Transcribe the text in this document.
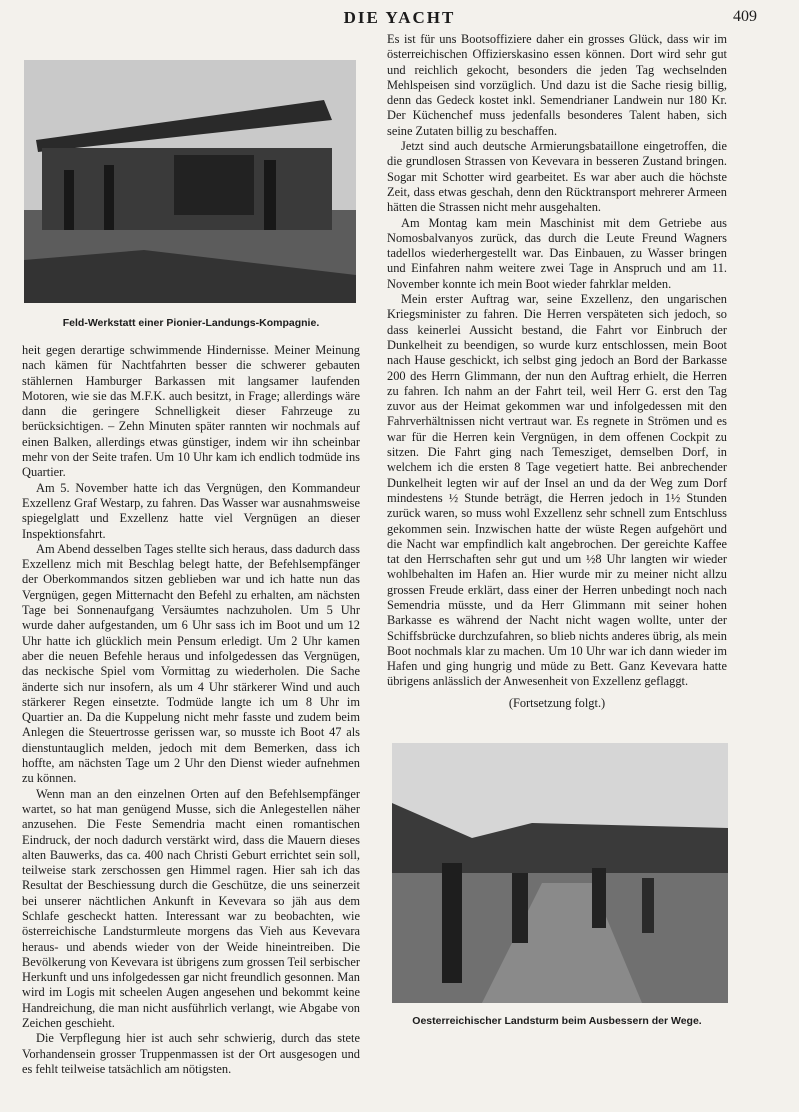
DIE YACHT	409
Feld-Werkstatt einer Pionier-Landungs-Kompagnie.

heit gegen derartige schwimmende Hindernisse. Meiner Meinung nach kämen für Nachtfahrten besser die schwerer gebauten stählernen Hamburger Barkassen mit langsamer laufenden Motoren, wie sie das M.F.K. auch besitzt, in Frage; allerdings wäre dann die geringere Schnelligkeit dieser Fahrzeuge zu berücksichtigen. – Zehn Minuten später rannten wir nochmals auf einen Balken, allerdings etwas günstiger, indem wir ihn scheinbar mehr von der Seite trafen. Um 10 Uhr kam ich endlich todmüde ins Quartier.

Am 5. November hatte ich das Vergnügen, den Kommandeur Exzellenz Graf Westarp, zu fahren. Das Wasser war ausnahmsweise spiegelglatt und Exzellenz hatte viel Vergnügen an dieser Inspektionsfahrt.

Am Abend desselben Tages stellte sich heraus, dass dadurch dass Exzellenz mich mit Beschlag belegt hatte, der Befehlsempfänger der Oberkommandos sitzen geblieben war und ich hatte nun das Vergnügen, gegen Mitternacht den Befehl zu erhalten, am nächsten Tage bei Sonnenaufgang Versäumtes nachzuholen. Um 5 Uhr wurde daher aufgestanden, um 6 Uhr sass ich im Boot und um 12 Uhr hatte ich glücklich mein Pensum erledigt. Um 2 Uhr kamen aber die neuen Befehle heraus und infolgedessen das Vergnügen, das neckische Spiel vom Vormittag zu wiederholen. Die Sache änderte sich nur insofern, als um 4 Uhr stärkerer Wind und auch stärkerer Regen einsetzte. Todmüde langte ich um 8 Uhr im Quartier an. Da die Kuppelung nicht mehr fasste und zudem beim Anlegen die Steuertrosse gerissen war, so musste ich Boot 47 als dienstuntauglich melden, jedoch mit dem Bemerken, dass ich hoffte, am nächsten Tage um 2 Uhr den Dienst wieder aufnehmen zu können.

Wenn man an den einzelnen Orten auf den Befehlsempfänger wartet, so hat man genügend Musse, sich die Anlegestellen näher anzusehen. Die Feste Semendria macht einen romantischen Eindruck, der noch dadurch verstärkt wird, dass die Mauern dieses alten Bauwerks, das ca. 400 nach Christi Geburt errichtet sein soll, teilweise stark zerschossen gen Himmel ragen. Hier sah ich das Resultat der Beschiessung durch die Geschütze, die uns seinerzeit bei unserer nächtlichen Ankunft in Kevevara so jäh aus dem Schlafe gescheckt hatten. Interessant war zu beobachten, wie österreichische Landsturmleute morgens das Vieh aus Kevevara heraus- und abends wieder von der Weide hineintreiben. Die Bevölkerung von Kevevara ist übrigens zum grossen Teil serbischer Herkunft und uns infolgedessen gar nicht freundlich gesonnen. Man wird im Logis mit scheelen Augen angesehen und bekommt keine Handreichung, die man nicht ausführlich verlangt, wie Abgabe von Zeichen geschieht.

Die Verpflegung hier ist auch sehr schwierig, durch das stete Vorhandensein grosser Truppenmassen ist der Ort ausgesogen und es fehlt teilweise tatsächlich am nötigsten.

Es ist für uns Bootsoffiziere daher ein grosses Glück, dass wir im österreichischen Offizierskasino essen können. Dort wird sehr gut und reichlich gekocht, besonders die jeden Tag wechselnden Mehlspeisen sind vorzüglich. Und dazu ist die Sache riesig billig, denn das Gedeck kostet inkl. Semendrianer Landwein nur 180 Kr. Der Küchenchef muss jedenfalls besonderes Talent haben, sich seine Zutaten billig zu beschaffen.

Jetzt sind auch deutsche Armierungsbataillone eingetroffen, die die grundlosen Strassen von Kevevara in besseren Zustand bringen. Sogar mit Schotter wird gearbeitet. Es war aber auch die höchste Zeit, dass etwas geschah, denn den Rücktransport mehrerer Armeen hätten die Strassen nicht mehr ausgehalten.

Am Montag kam mein Maschinist mit dem Getriebe aus Nomosbalvanyos zurück, das durch die Leute Freund Wagners tadellos wiederhergestellt war. Das Einbauen, zu Wasser bringen und Einfahren nahm weitere zwei Tage in Anspruch und am 11. November konnte ich mein Boot wieder fahrklar melden.

Mein erster Auftrag war, seine Exzellenz, den ungarischen Kriegsminister zu fahren. Die Herren verspäteten sich jedoch, so dass keinerlei Aussicht bestand, die Fahrt vor Einbruch der Dunkelheit zu beendigen, so wurde kurz entschlossen, mein Boot nach Hause geschickt, ich selbst ging jedoch an Bord der Barkasse 200 des Herrn Glimmann, der nun den Auftrag erhielt, die Herren zu fahren. Ich nahm an der Fahrt teil, weil Herr G. erst den Tag zuvor aus der Heimat gekommen war und infolgedessen mit den Fahrverhältnissen nicht vertraut war. Es regnete in Strömen und es war für die Herren kein Vergnügen, in dem offenen Cockpit zu sitzen. Die Fahrt ging nach Temesziget, demselben Dorf, in welchem ich die ersten 8 Tage vegetiert hatte. Bei anbrechender Dunkelheit legten wir auf der Insel an und da der Weg zum Dorf mindestens ½ Stunde beträgt, die Herren jedoch in 1½ Stunden zurück waren, so muss wohl Exzellenz sehr schnell zum Entschluss gekommen sein. Inzwischen hatte der wüste Regen aufgehört und die Nacht war empfindlich kalt angebrochen. Der gereichte Kaffee tat den Herrschaften sehr gut und um ½8 Uhr langten wir wieder wohlbehalten im Hafen an. Hier wurde mir zu meiner nicht allzu grossen Freude erklärt, dass einer der Herren unbedingt noch nach Semendria müsste, und da Herr Glimmann mit seiner hohen Barkasse es während der Nacht nicht wagen wollte, unter der Schiffsbrücke durchzufahren, so blieb nichts anderes übrig, als mein Boot nochmals klar zu machen. Um 10 Uhr war ich dann wieder im Hafen und ging hungrig und müde zu Bett. Ganz Kevevara hatte übrigens anlässlich der Anwesenheit von Exzellenz geflaggt.

(Fortsetzung folgt.)
Oesterreichischer Landsturm beim Ausbessern der Wege.
